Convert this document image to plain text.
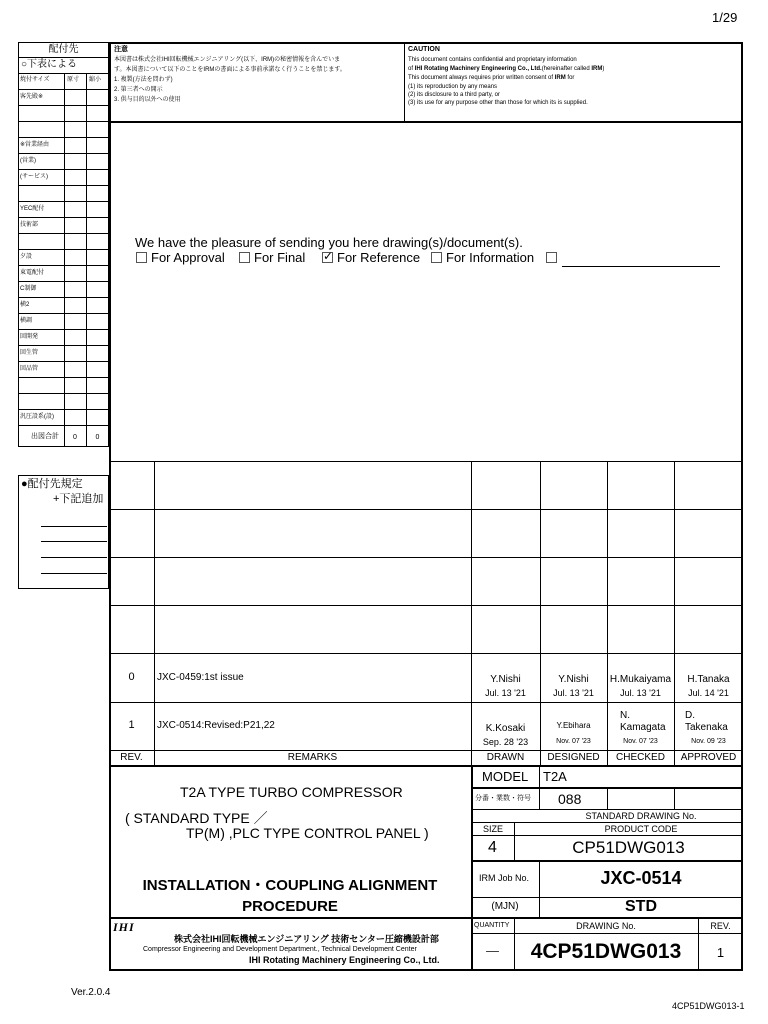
1/29
配付先
○下表による
焼付サイズ	原寸 縮小
客先殿※
※営業経由
(営業)
(サービス)
YEC配付
技術部
夕設
東電配付
C制御
横2
横調
回開発
回生管
回品管
汎圧設系(設)
出図合計	0	0
●配付先規定
+下記追加
注意
本図書は株式会社IHI回転機械エンジニアリング(以下、IRM)の秘密情報を含んでいま
す。本図書について以下のことをIRMの書面による事前承諾なく行うことを禁じます。
1. 複製(方法を問わず)
2. 第三者への開示
3. 供与目的以外への使用
CAUTION
This document contains confidential and proprietary information
of IHI Rotating Machinery Engineering Co., Ltd.(hereinafter called IRM)
This document always requires prior written consent of IRM for
(1) its reproduction by any means
(2) its disclosure to a third party, or
(3) its use for any purpose other than those for which its is supplied.
We have the pleasure of sending you here drawing(s)/document(s).
For Approval	For Final
✓	For Reference	For Information
0	JXC-0459:1st issue	Y.Nishi
Jul. 13 '21
Y.Nishi
Jul. 13 '21
H.Mukaiyama
Jul. 13 '21
H.Tanaka
Jul. 14 '21
1	JXC-0514:Revised:P21,22	K.Kosaki
Sep. 28 '23
Y.Ebihara
Nov. 07 '23
N.
Kamagata
Nov. 07 '23
D.
Takenaka
Nov. 09 '23
REV.	REMARKS	DRAWN	DESIGNED	CHECKED	APPROVED
T2A TYPE TURBO COMPRESSOR
( STANDARD TYPE ／
TP(M) ,PLC TYPE CONTROL PANEL )
INSTALLATION・COUPLING ALIGNMENT
PROCEDURE
MODEL T2A
分番・業数・符号 088
STANDARD DRAWING No.
SIZE	PRODUCT CODE
4	CP51DWG013
IRM Job No.	JXC-0514
(MJN)	STD
QUANTITY	DRAWING No.	REV.
－	4CP51DWG013	1
IHI
株式会社IHI回転機械エンジニアリング 技術センター圧縮機設計部
Compressor Engineering and Development Department., Technical Development Center
IHI Rotating Machinery Engineering Co., Ltd.
Ver.2.0.4
4CP51DWG013-1
